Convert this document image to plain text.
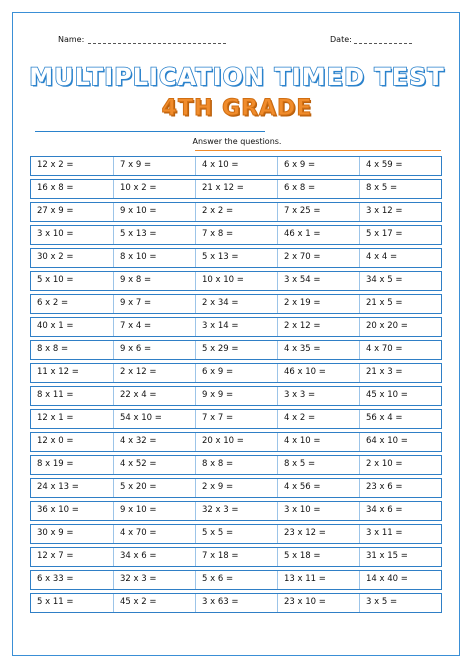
Name:	Date:
MULTIPLICATION TIMED TEST
4TH GRADE
Answer the questions.
12 x 2 =	7 x 9 =	4 x 10 =	6 x 9 =	4 x 59 =
16 x 8 =	10 x 2 =	21 x 12 =	6 x 8 =	8 x 5 =
27 x 9 =	9 x 10 =	2 x 2 =	7 x 25 =	3 x 12 =
3 x 10 =	5 x 13 =	7 x 8 =	46 x 1 =	5 x 17 =
30 x 2 =	8 x 10 =	5 x 13 =	2 x 70 =	4 x 4 =
5 x 10 =	9 x 8 =	10 x 10 =	3 x 54 =	34 x 5 =
6 x 2 =	9 x 7 =	2 x 34 =	2 x 19 =	21 x 5 =
40 x 1 =	7 x 4 =	3 x 14 =	2 x 12 =	20 x 20 =
8 x 8 =	9 x 6 =	5 x 29 =	4 x 35 =	4 x 70 =
11 x 12 =	2 x 12 =	6 x 9 =	46 x 10 =	21 x 3 =
8 x 11 =	22 x 4 =	9 x 9 =	3 x 3 =	45 x 10 =
12 x 1 =	54 x 10 =	7 x 7 =	4 x 2 =	56 x 4 =
12 x 0 =	4 x 32 =	20 x 10 =	4 x 10 =	64 x 10 =
8 x 19 =	4 x 52 =	8 x 8 =	8 x 5 =	2 x 10 =
24 x 13 =	5 x 20 =	2 x 9 =	4 x 56 =	23 x 6 =
36 x 10 =	9 x 10 =	32 x 3 =	3 x 10 =	34 x 6 =
30 x 9 =	4 x 70 =	5 x 5 =	23 x 12 =	3 x 11 =
12 x 7 =	34 x 6 =	7 x 18 =	5 x 18 =	31 x 15 =
6 x 33 =	32 x 3 =	5 x 6 =	13 x 11 =	14 x 40 =
5 x 11 =	45 x 2 =	3 x 63 =	23 x 10 =	3 x 5 =
